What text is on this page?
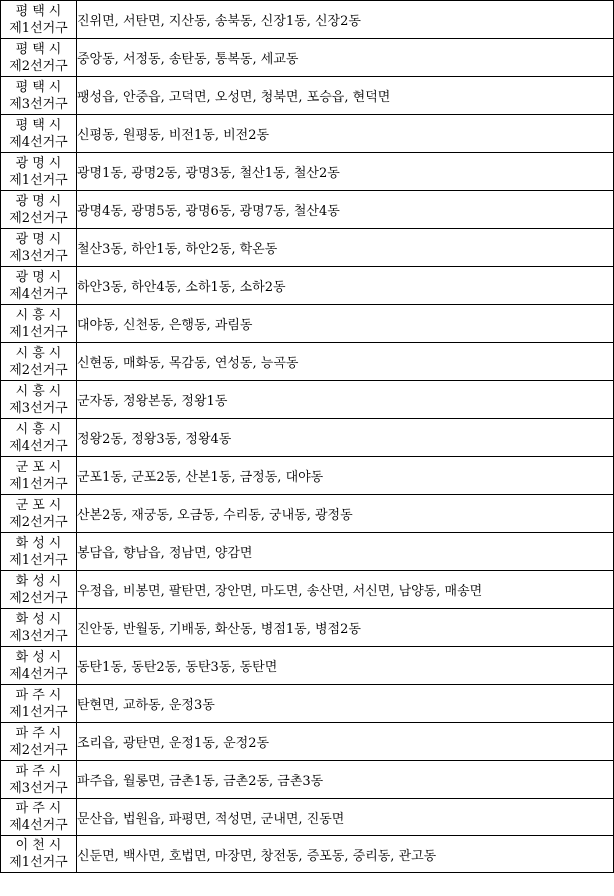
평택시
제1선거구	진위면, 서탄면, 지산동, 송북동, 신장1동, 신장2동

평택시
제2선거구	중앙동, 서정동, 송탄동, 통복동, 세교동

평택시
제3선거구	팽성읍, 안중읍, 고덕면, 오성면, 청북면, 포승읍, 현덕면

평택시
제4선거구	신평동, 원평동, 비전1동, 비전2동

광명시
제1선거구	광명1동, 광명2동, 광명3동, 철산1동, 철산2동

광명시
제2선거구	광명4동, 광명5동, 광명6동, 광명7동, 철산4동

광명시
제3선거구	철산3동, 하안1동, 하안2동, 학온동

광명시
제4선거구	하안3동, 하안4동, 소하1동, 소하2동

시흥시
제1선거구	대야동, 신천동, 은행동, 과림동

시흥시
제2선거구	신현동, 매화동, 목감동, 연성동, 능곡동

시흥시
제3선거구	군자동, 정왕본동, 정왕1동

시흥시
제4선거구	정왕2동, 정왕3동, 정왕4동

군포시
제1선거구	군포1동, 군포2동, 산본1동, 금정동, 대야동

군포시
제2선거구	산본2동, 재궁동, 오금동, 수리동, 궁내동, 광정동

화성시
제1선거구	봉담읍, 향남읍, 정남면, 양감면

화성시
제2선거구	우정읍, 비봉면, 팔탄면, 장안면, 마도면, 송산면, 서신면, 남양동, 매송면

화성시
제3선거구	진안동, 반월동, 기배동, 화산동, 병점1동, 병점2동

화성시
제4선거구	동탄1동, 동탄2동, 동탄3동, 동탄면

파주시
제1선거구	탄현면, 교하동, 운정3동

파주시
제2선거구	조리읍, 광탄면, 운정1동, 운정2동

파주시
제3선거구	파주읍, 월롱면, 금촌1동, 금촌2동, 금촌3동

파주시
제4선거구	문산읍, 법원읍, 파평면, 적성면, 군내면, 진동면

이천시
제1선거구	신둔면, 백사면, 호법면, 마장면, 창전동, 증포동, 중리동, 관고동
